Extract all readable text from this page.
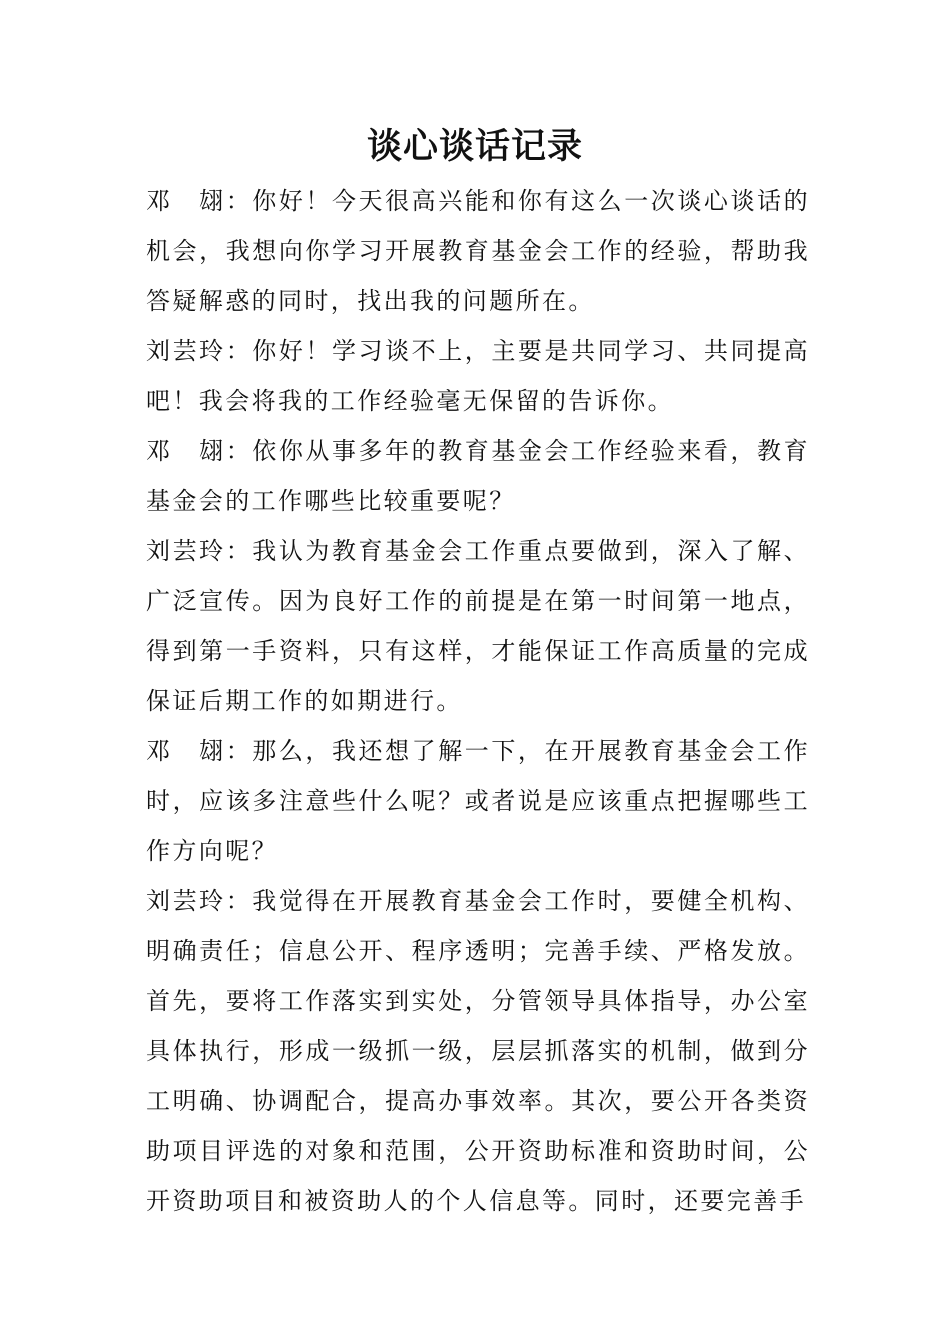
谈心谈话记录

邓　翃：你好！今天很高兴能和你有这么一次谈心谈话的机会，我想向你学习开展教育基金会工作的经验，帮助我答疑解惑的同时，找出我的问题所在。

刘芸玲：你好！学习谈不上，主要是共同学习、共同提高吧！我会将我的工作经验毫无保留的告诉你。

邓　翃：依你从事多年的教育基金会工作经验来看，教育基金会的工作哪些比较重要呢？

刘芸玲：我认为教育基金会工作重点要做到，深入了解、广泛宣传。因为良好工作的前提是在第一时间第一地点，得到第一手资料，只有这样，才能保证工作高质量的完成保证后期工作的如期进行。

邓　翃：那么，我还想了解一下，在开展教育基金会工作时，应该多注意些什么呢？或者说是应该重点把握哪些工作方向呢？

刘芸玲：我觉得在开展教育基金会工作时，要健全机构、明确责任；信息公开、程序透明；完善手续、严格发放。首先，要将工作落实到实处，分管领导具体指导，办公室具体执行，形成一级抓一级，层层抓落实的机制，做到分工明确、协调配合，提高办事效率。其次，要公开各类资助项目评选的对象和范围，公开资助标准和资助时间，公开资助项目和被资助人的个人信息等。同时，还要完善手
